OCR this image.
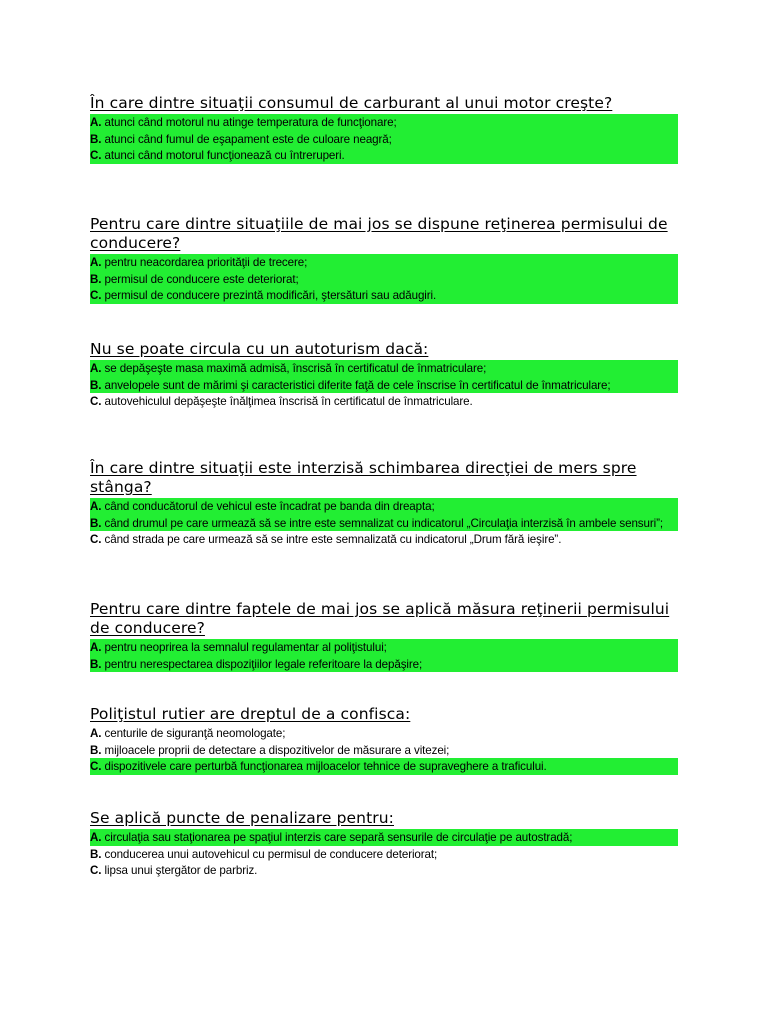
În care dintre situaţii consumul de carburant al unui motor creşte?
A. atunci când motorul nu atinge temperatura de funcţionare;
B. atunci când fumul de eşapament este de culoare neagră;
C. atunci când motorul funcţionează cu întreruperi.
Pentru care dintre situaţiile de mai jos se dispune reţinerea permisului de conducere?
A. pentru neacordarea priorităţii de trecere;
B. permisul de conducere este deteriorat;
C. permisul de conducere prezintă modificări, ştersături sau adăugiri.
Nu se poate circula cu un autoturism dacă:
A. se depăşeşte masa maximă admisă, înscrisă în certificatul de înmatriculare;
B. anvelopele sunt de mărimi şi caracteristici diferite faţă de cele înscrise în certificatul de înmatriculare;
C. autovehiculul depăşeşte înălţimea înscrisă în certificatul de înmatriculare.
În care dintre situaţii este interzisă schimbarea direcţiei de mers spre stânga?
A. când conducătorul de vehicul este încadrat pe banda din dreapta;
B. când drumul pe care urmează să se intre este semnalizat cu indicatorul „Circulaţia interzisă în ambele sensuri”;
C. când strada pe care urmează să se intre este semnalizată cu indicatorul „Drum fără ieşire”.
Pentru care dintre faptele de mai jos se aplică măsura reţinerii permisului de conducere?
A. pentru neoprirea la semnalul regulamentar al poliţistului;
B. pentru nerespectarea dispoziţiilor legale referitoare la depăşire;
Poliţistul rutier are dreptul de a confisca:
A. centurile de siguranţă neomologate;
B. mijloacele proprii de detectare a dispozitivelor de măsurare a vitezei;
C. dispozitivele care perturbă funcţionarea mijloacelor tehnice de supraveghere a traficului.
Se aplică puncte de penalizare pentru:
A. circulaţia sau staţionarea pe spaţiul interzis care separă sensurile de circulaţie pe autostradă;
B. conducerea unui autovehicul cu permisul de conducere deteriorat;
C. lipsa unui ştergător de parbriz.
